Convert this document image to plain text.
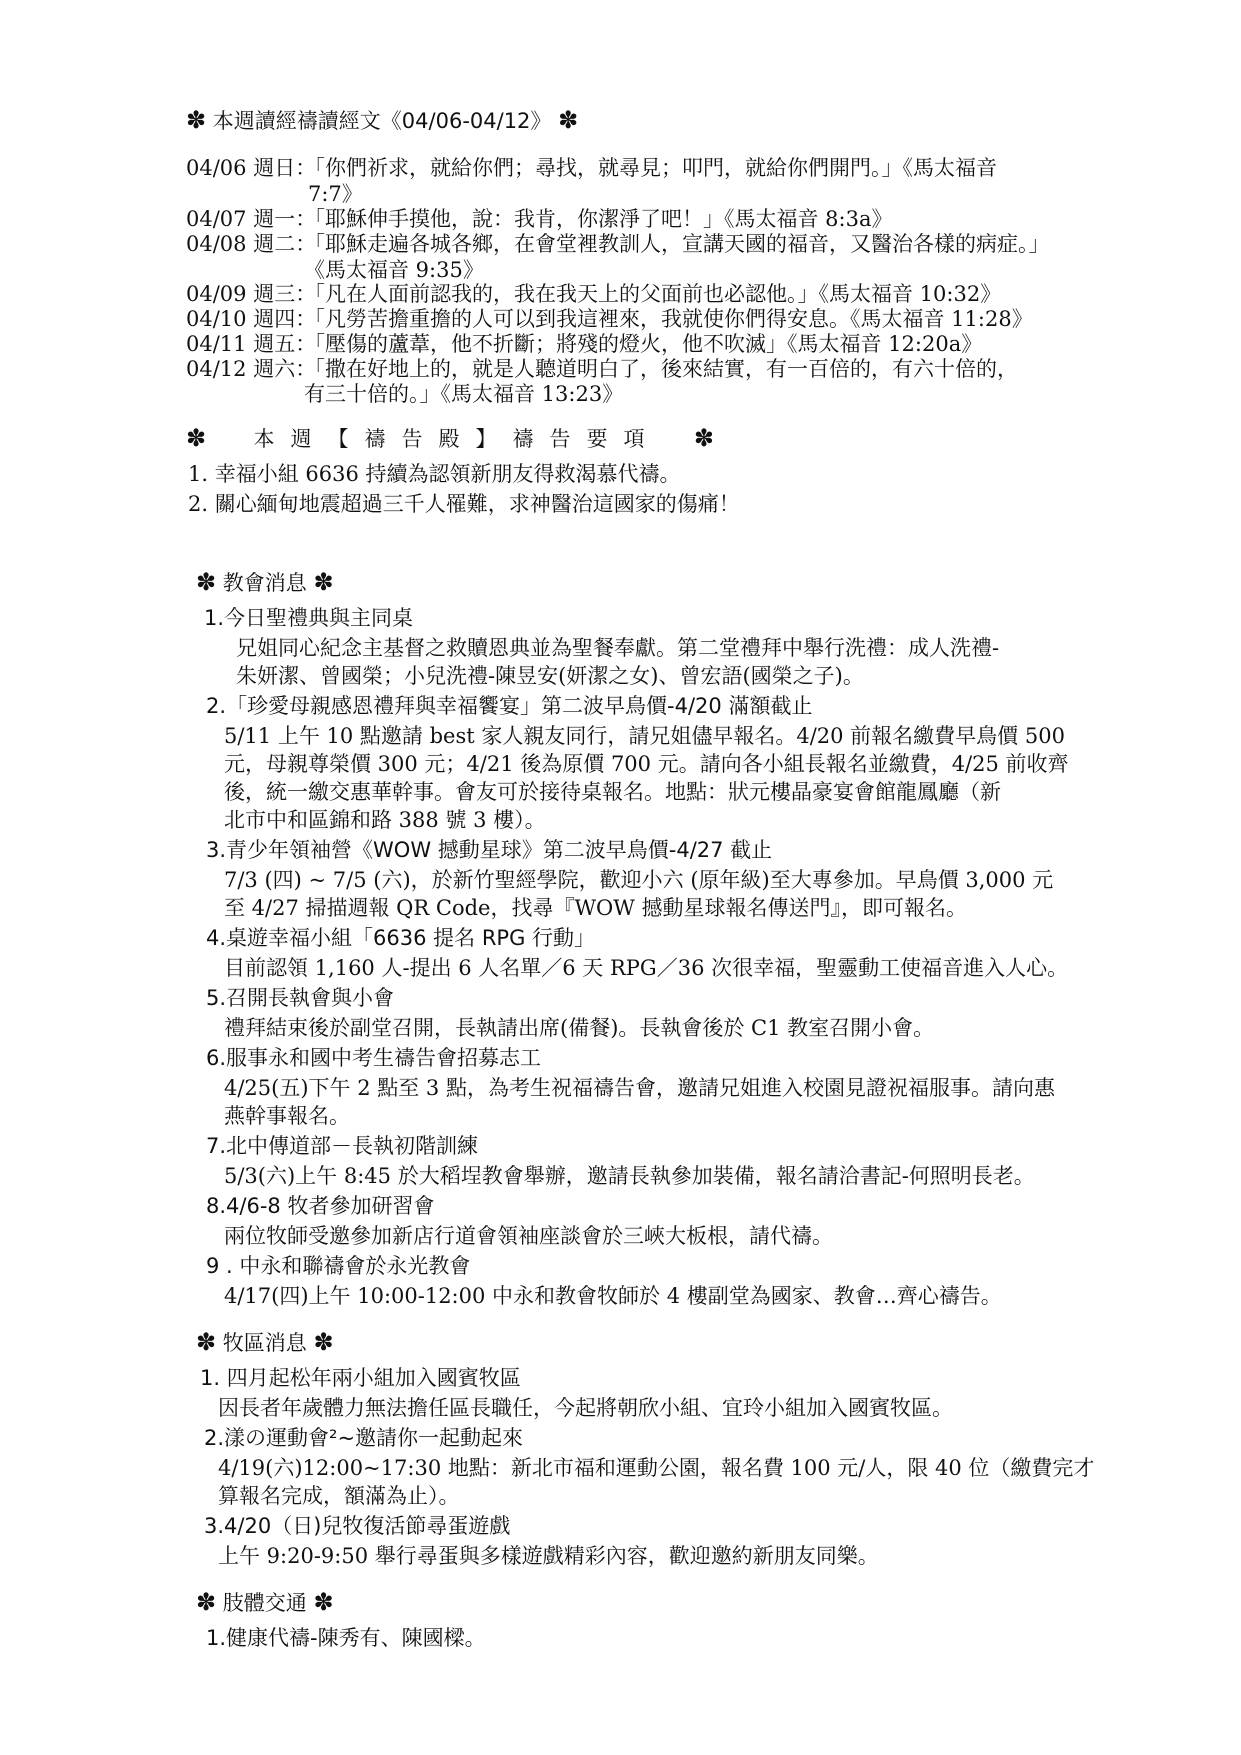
✽ 本週讀經禱讀經文《04/06-04/12》 ✽
04/06 週日：
「你們祈求，就給你們；尋找，就尋見；叩門，就給你們開門。」《馬太福音
7:7》
04/07 週一：
「耶穌伸手摸他，說：我肯，你潔淨了吧！」《馬太福音 8:3a》
04/08 週二：
「耶穌走遍各城各鄉，在會堂裡教訓人，宣講天國的福音，又醫治各樣的病症。」
《馬太福音 9:35》
04/09 週三：
「凡在人面前認我的，我在我天上的父面前也必認他。」《馬太福音 10:32》
04/10 週四：
「凡勞苦擔重擔的人可以到我這裡來，我就使你們得安息。《馬太福音 11:28》
04/11 週五：
「壓傷的蘆葦，他不折斷；將殘的燈火，他不吹滅」《馬太福音 12:20a》
04/12 週六：
「撒在好地上的，就是人聽道明白了，後來結實，有一百倍的，有六十倍的，
有三十倍的。」《馬太福音 13:23》
✽ 本週【禱告殿】禱告要項 ✽
1. 幸福小組 6636 持續為認領新朋友得救渴慕代禱。
2. 關心緬甸地震超過三千人罹難，求神醫治這國家的傷痛！
✽ 教會消息 ✽
1.今日聖禮典與主同桌
兄姐同心紀念主基督之救贖恩典並為聖餐奉獻。第二堂禮拜中舉行洗禮：成人洗禮-
朱妍潔、曾國榮；小兒洗禮-陳昱安(妍潔之女)、曾宏語(國榮之子)。
2.「珍愛母親感恩禮拜與幸福饗宴」第二波早鳥價-4/20 滿額截止
5/11 上午 10 點邀請 best 家人親友同行，請兄姐儘早報名。4/20 前報名繳費早鳥價 500
元，母親尊榮價 300 元；4/21 後為原價 700 元。請向各小組長報名並繳費，4/25 前收齊
後，統一繳交惠華幹事。會友可於接待桌報名。地點：狀元樓晶豪宴會館龍鳳廳（新
北市中和區錦和路 388 號 3 樓）。
3.青少年領袖營《WOW 撼動星球》第二波早鳥價-4/27 截止
7/3 (四) ~ 7/5 (六)，於新竹聖經學院，歡迎小六 (原年級)至大專參加。早鳥價 3,000 元
至 4/27 掃描週報 QR Code，找尋『WOW 撼動星球報名傳送門』，即可報名。
4.桌遊幸福小組「6636 提名 RPG 行動」
目前認領 1,160 人-提出 6 人名單／6 天 RPG／36 次很幸福，聖靈動工使福音進入人心。
5.召開長執會與小會
禮拜結束後於副堂召開，長執請出席(備餐)。長執會後於 C1 教室召開小會。
6.服事永和國中考生禱告會招募志工
4/25(五)下午 2 點至 3 點，為考生祝福禱告會，邀請兄姐進入校園見證祝福服事。請向惠
燕幹事報名。
7.北中傳道部－長執初階訓練
5/3(六)上午 8:45 於大稻埕教會舉辦，邀請長執參加裝備，報名請洽書記-何照明長老。
8.4/6-8 牧者參加研習會
兩位牧師受邀參加新店行道會領袖座談會於三峽大板根，請代禱。
9 . 中永和聯禱會於永光教會
4/17(四)上午 10:00-12:00 中永和教會牧師於 4 樓副堂為國家、教會…齊心禱告。
✽ 牧區消息 ✽
1. 四月起松年兩小組加入國賓牧區
因長者年歲體力無法擔任區長職任，今起將朝欣小組、宜玲小組加入國賓牧區。
2.漾の運動會²~邀請你一起動起來
4/19(六)12:00~17:30 地點：新北市福和運動公園，報名費 100 元/人，限 40 位（繳費完才
算報名完成，額滿為止）。
3.4/20（日)兒牧復活節尋蛋遊戲
上午 9:20-9:50 舉行尋蛋與多樣遊戲精彩內容，歡迎邀約新朋友同樂。
✽ 肢體交通 ✽
1.健康代禱-陳秀有、陳國樑。
